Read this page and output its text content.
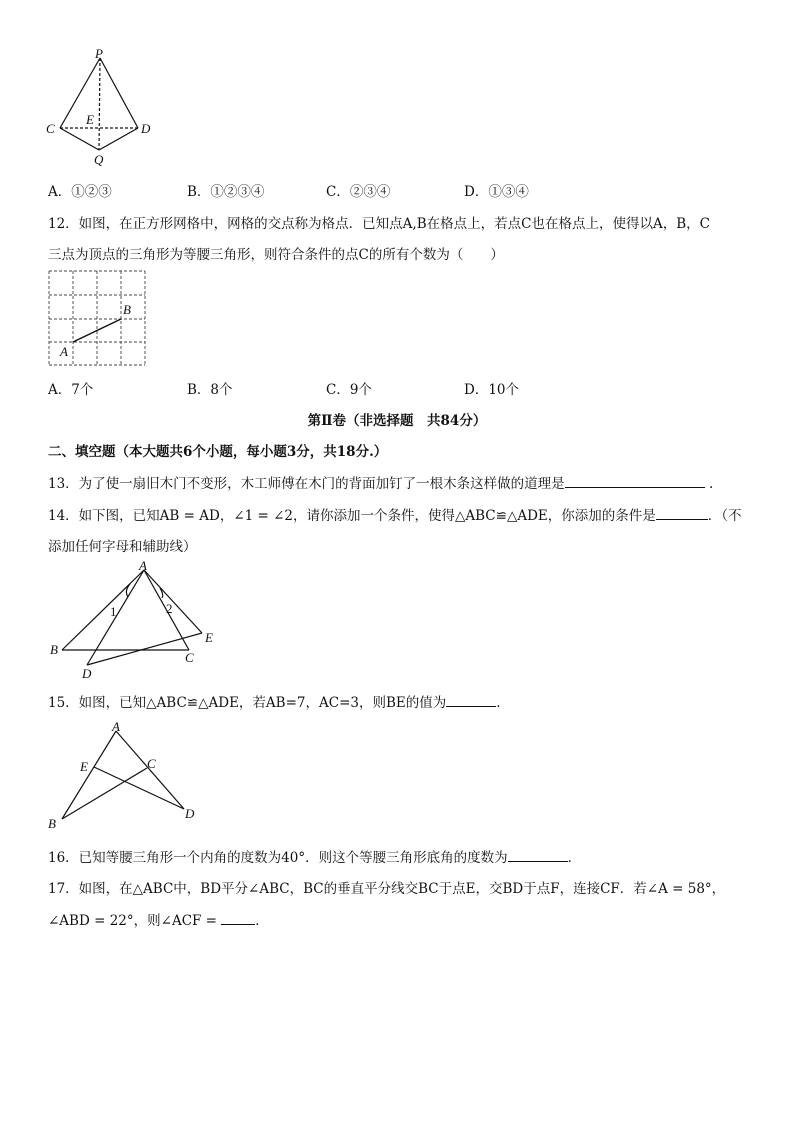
P
C	D
E
Q
A．①②③	B．①②③④	C．②③④	D．①③④
12．如图，在正方形网格中，网格的交点称为格点．已知点A,B在格点上，若点C也在格点上，使得以A，B，C
三点为顶点的三角形为等腰三角形，则符合条件的点C的所有个数为（　　）
A
B
A．7个	B．8个	C．9个	D．10个
第Ⅱ卷（非选择题　共84分）
二、填空题（本大题共6个小题，每小题3分，共18分.）
13．为了使一扇旧木门不变形，木工师傅在木门的背面加钉了一根木条这样做的道理是	.
14．如下图，已知AB = AD，∠1 = ∠2，请你添加一个条件，使得△ABC≌△ADE，你添加的条件是	．（不
添加任何字母和辅助线）
A
B
C
D
E
1	2
15．如图，已知△ABC≌△ADE，若AB=7，AC=3，则BE的值为	．
A
B
C
D
E
16．已知等腰三角形一个内角的度数为40°．则这个等腰三角形底角的度数为	．
17．如图，在△ABC中，BD平分∠ABC，BC的垂直平分线交BC于点E，交BD于点F，连接CF．若∠A = 58°，
∠ABD = 22°，则∠ACF =	．
